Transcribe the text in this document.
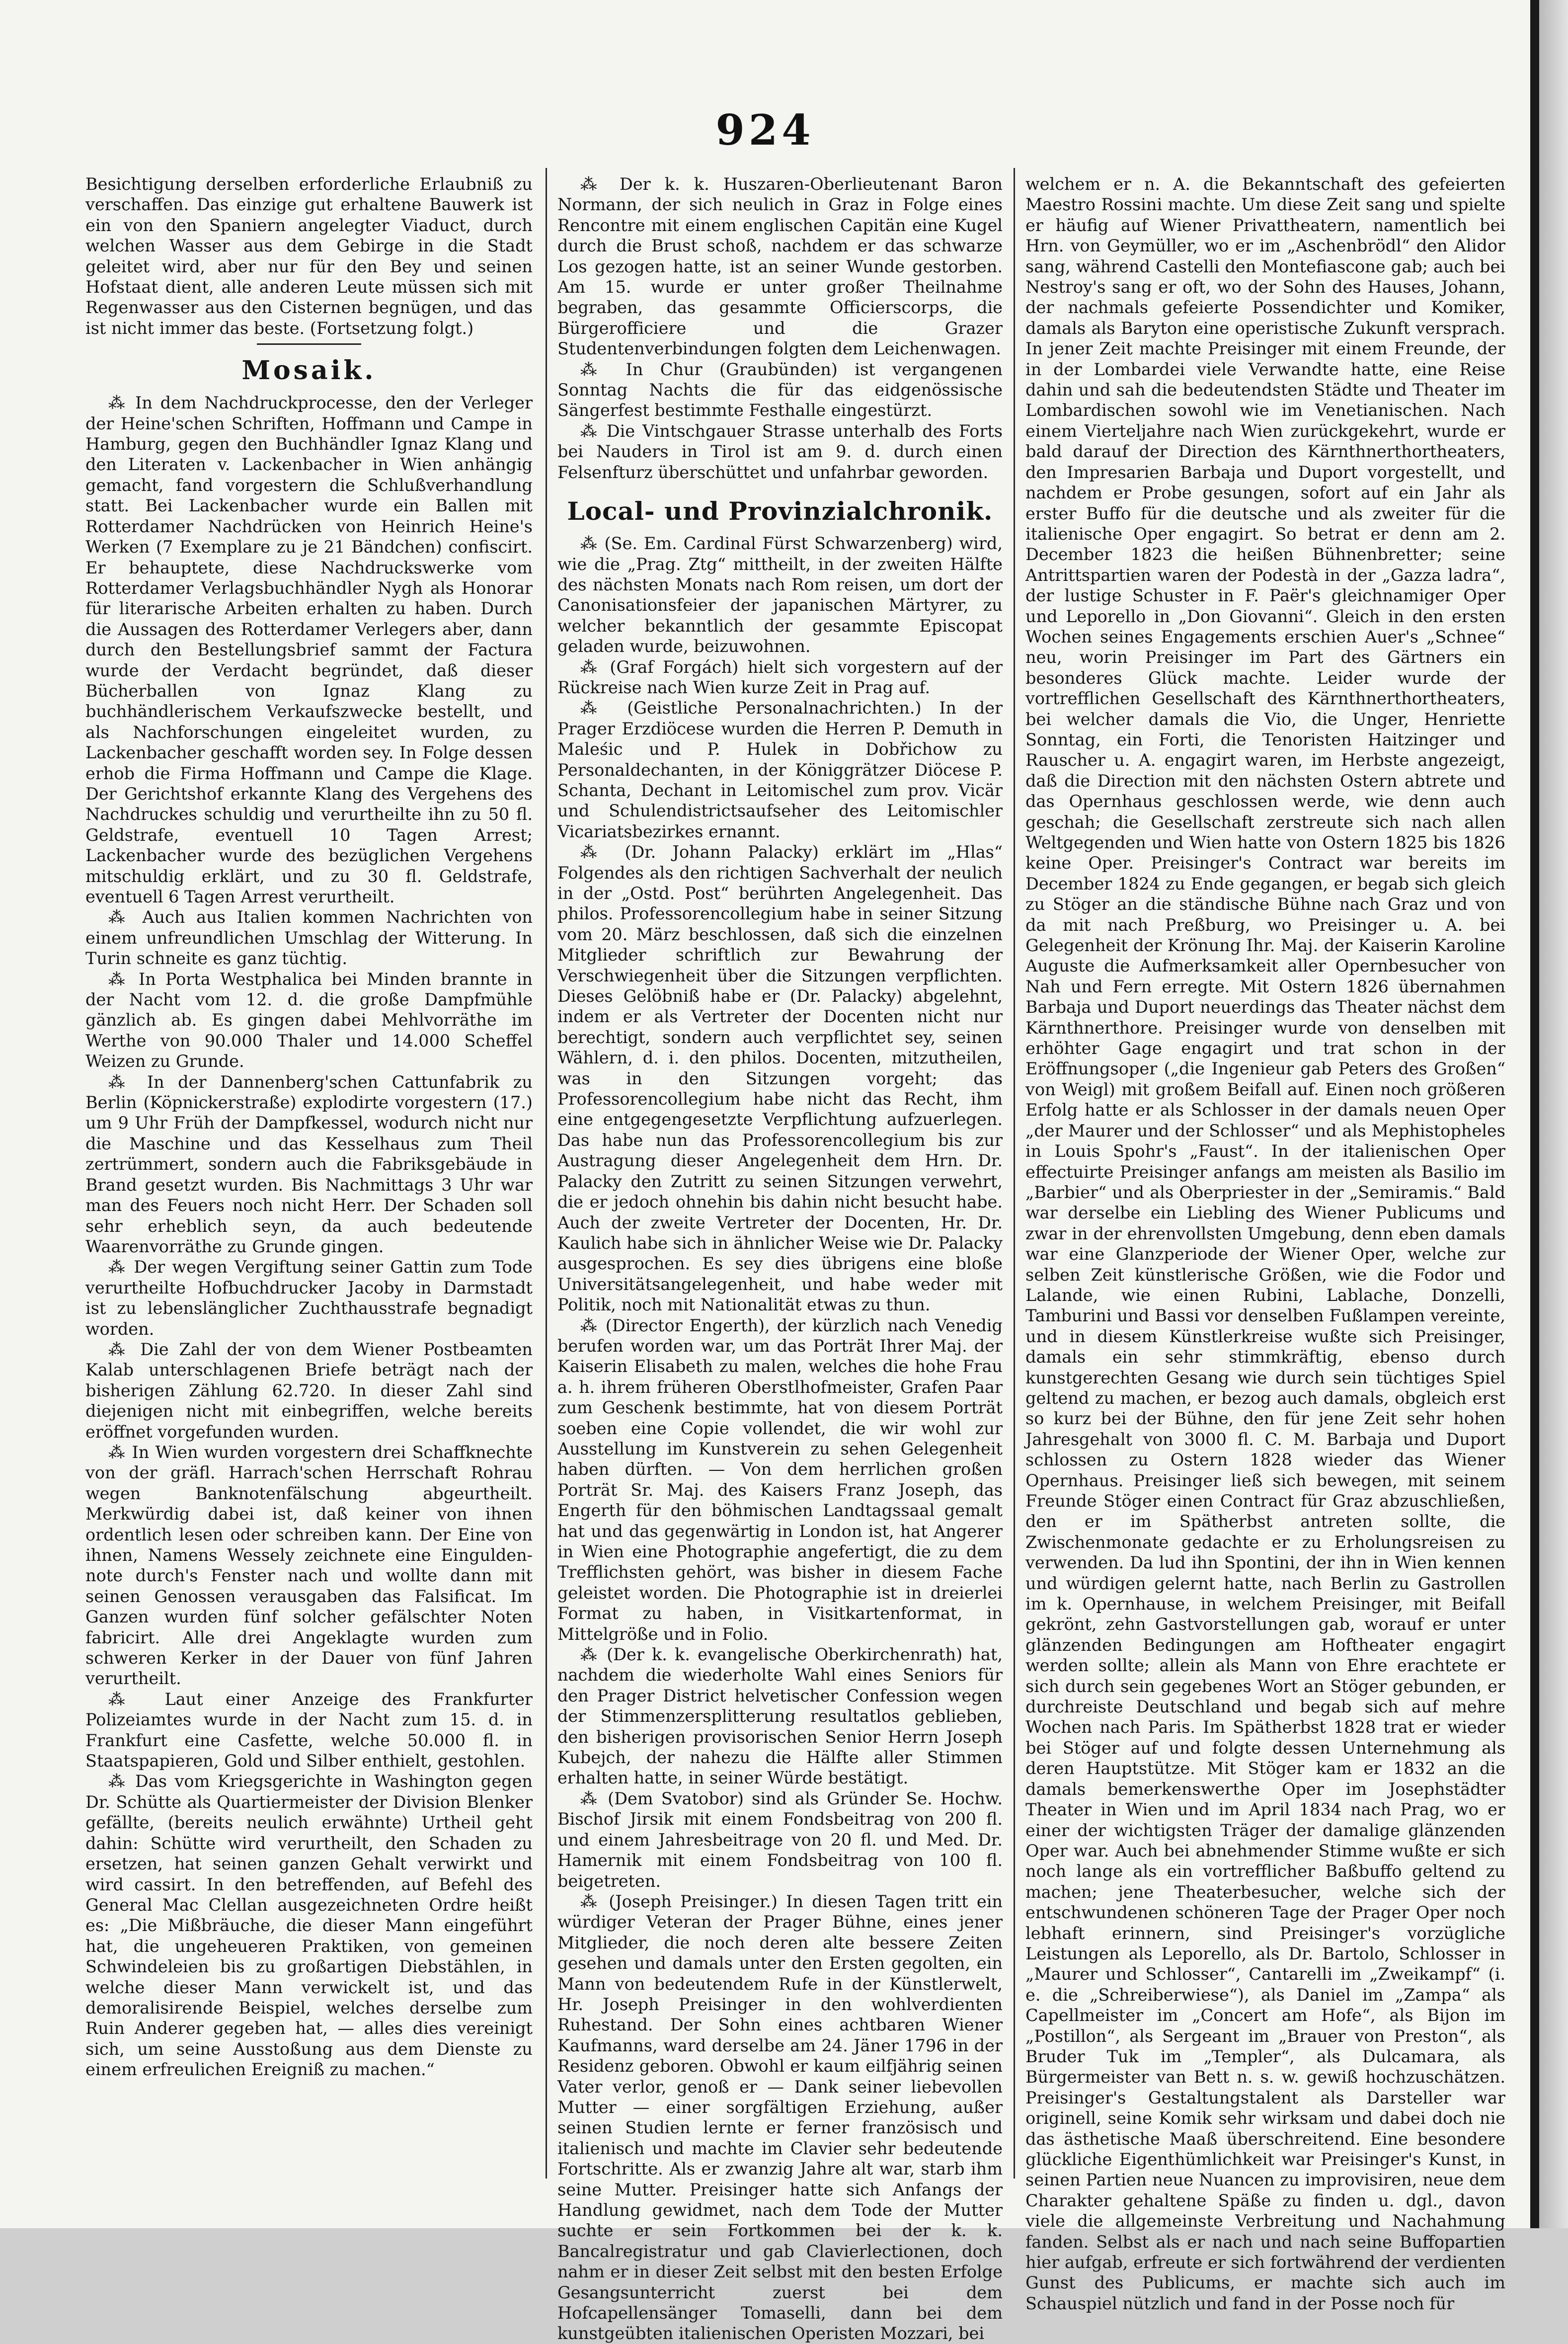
924

Besichtigung derselben erforderliche Erlaubniß zu verschaffen. Das einzige gut erhaltene Bauwerk ist ein von den Spaniern angelegter Viaduct, durch welchen Wasser aus dem Gebirge in die Stadt geleitet wird, aber nur für den Bey und seinen Hofstaat dient, alle anderen Leute müssen sich mit Regenwasser aus den Cisternen begnügen, und das ist nicht immer das beste. (Fortsetzung folgt.)

Mosaik.

⁂ In dem Nachdruckprocesse, den der Verleger der Heine'schen Schriften, Hoffmann und Campe in Hamburg, gegen den Buchhändler Ignaz Klang und den Literaten v. Lackenbacher in Wien anhängig gemacht, fand vorgestern die Schlußverhandlung statt. Bei Lackenbacher wurde ein Ballen mit Rotterdamer Nachdrücken von Heinrich Heine's Werken (7 Exemplare zu je 21 Bändchen) confiscirt. Er behauptete, diese Nachdruckswerke vom Rotterdamer Verlagsbuchhändler Nygh als Honorar für literarische Arbeiten erhalten zu haben. Durch die Aussagen des Rotterdamer Verlegers aber, dann durch den Bestellungsbrief sammt der Factura wurde der Verdacht begründet, daß dieser Bücherballen von Ignaz Klang zu buchhändlerischem Verkaufszwecke bestellt, und als Nachforschungen eingeleitet wurden, zu Lackenbacher geschafft worden sey. In Folge dessen erhob die Firma Hoffmann und Campe die Klage. Der Gerichtshof erkannte Klang des Vergehens des Nachdruckes schuldig und verurtheilte ihn zu 50 fl. Geldstrafe, eventuell 10 Tagen Arrest; Lackenbacher wurde des bezüglichen Vergehens mitschuldig erklärt, und zu 30 fl. Geldstrafe, eventuell 6 Tagen Arrest verurtheilt.

⁂ Auch aus Italien kommen Nachrichten von einem unfreundlichen Umschlag der Witterung. In Turin schneite es ganz tüchtig.

⁂ In Porta Westphalica bei Minden brannte in der Nacht vom 12. d. die große Dampfmühle gänzlich ab. Es gingen dabei Mehlvorräthe im Werthe von 90.000 Thaler und 14.000 Scheffel Weizen zu Grunde.

⁂ In der Dannenberg'schen Cattunfabrik zu Berlin (Köpnickerstraße) explodirte vorgestern (17.) um 9 Uhr Früh der Dampfkessel, wodurch nicht nur die Maschine und das Kesselhaus zum Theil zertrümmert, sondern auch die Fabriksgebäude in Brand gesetzt wurden. Bis Nachmittags 3 Uhr war man des Feuers noch nicht Herr. Der Schaden soll sehr erheblich seyn, da auch bedeutende Waarenvorräthe zu Grunde gingen.

⁂ Der wegen Vergiftung seiner Gattin zum Tode verurtheilte Hofbuchdrucker Jacoby in Darmstadt ist zu lebenslänglicher Zuchthausstrafe begnadigt worden.

⁂ Die Zahl der von dem Wiener Postbeamten Kalab unterschlagenen Briefe beträgt nach der bisherigen Zählung 62.720. In dieser Zahl sind diejenigen nicht mit einbegriffen, welche bereits eröffnet vorgefunden wurden.

⁂ In Wien wurden vorgestern drei Schaffknechte von der gräfl. Harrach'schen Herrschaft Rohrau wegen Banknotenfälschung abgeurtheilt. Merkwürdig dabei ist, daß keiner von ihnen ordentlich lesen oder schreiben kann. Der Eine von ihnen, Namens Wessely zeichnete eine Einguldennote durch's Fenster nach und wollte dann mit seinen Genossen verausgaben das Falsificat. Im Ganzen wurden fünf solcher gefälschter Noten fabricirt. Alle drei Angeklagte wurden zum schweren Kerker in der Dauer von fünf Jahren verurtheilt.

⁂ Laut einer Anzeige des Frankfurter Polizeiamtes wurde in der Nacht zum 15. d. in Frankfurt eine Casfette, welche 50.000 fl. in Staatspapieren, Gold und Silber enthielt, gestohlen.

⁂ Das vom Kriegsgerichte in Washington gegen Dr. Schütte als Quartiermeister der Division Blenker gefällte, (bereits neulich erwähnte) Urtheil geht dahin: Schütte wird verurtheilt, den Schaden zu ersetzen, hat seinen ganzen Gehalt verwirkt und wird cassirt. In den betreffenden, auf Befehl des General Mac Clellan ausgezeichneten Ordre heißt es: „Die Mißbräuche, die dieser Mann eingeführt hat, die ungeheueren Praktiken, von gemeinen Schwindeleien bis zu großartigen Diebstählen, in welche dieser Mann verwickelt ist, und das demoralisirende Beispiel, welches derselbe zum Ruin Anderer gegeben hat, — alles dies vereinigt sich, um seine Ausstoßung aus dem Dienste zu einem erfreulichen Ereigniß zu machen.“

⁂ Der k. k. Huszaren-Oberlieutenant Baron Normann, der sich neulich in Graz in Folge eines Rencontre mit einem englischen Capitän eine Kugel durch die Brust schoß, nachdem er das schwarze Los gezogen hatte, ist an seiner Wunde gestorben. Am 15. wurde er unter großer Theilnahme begraben, das gesammte Officierscorps, die Bürgerofficiere und die Grazer Studentenverbindungen folgten dem Leichenwagen.

⁂ In Chur (Graubünden) ist vergangenen Sonntag Nachts die für das eidgenössische Sängerfest bestimmte Festhalle eingestürzt.

⁂ Die Vintschgauer Strasse unterhalb des Forts bei Nauders in Tirol ist am 9. d. durch einen Felsenfturz überschüttet und unfahrbar geworden.

Local- und Provinzialchronik.

⁂ (Se. Em. Cardinal Fürst Schwarzenberg) wird, wie die „Prag. Ztg“ mittheilt, in der zweiten Hälfte des nächsten Monats nach Rom reisen, um dort der Canonisationsfeier der japanischen Märtyrer, zu welcher bekanntlich der gesammte Episcopat geladen wurde, beizuwohnen.

⁂ (Graf Forgách) hielt sich vorgestern auf der Rückreise nach Wien kurze Zeit in Prag auf.

⁂ (Geistliche Personalnachrichten.) In der Prager Erzdiöcese wurden die Herren P. Demuth in Maleśic und P. Hulek in Dobřichow zu Personaldechanten, in der Königgrätzer Diöcese P. Schanta, Dechant in Leitomischel zum prov. Vicär und Schulendistrictsaufseher des Leitomischler Vicariatsbezirkes ernannt.

⁂ (Dr. Johann Palacky) erklärt im „Hlas“ Folgendes als den richtigen Sachverhalt der neulich in der „Ostd. Post“ berührten Angelegenheit. Das philos. Professorencollegium habe in seiner Sitzung vom 20. März beschlossen, daß sich die einzelnen Mitglieder schriftlich zur Bewahrung der Verschwiegenheit über die Sitzungen verpflichten. Dieses Gelöbniß habe er (Dr. Palacky) abgelehnt, indem er als Vertreter der Docenten nicht nur berechtigt, sondern auch verpflichtet sey, seinen Wählern, d. i. den philos. Docenten, mitzutheilen, was in den Sitzungen vorgeht; das Professorencollegium habe nicht das Recht, ihm eine entgegengesetzte Verpflichtung aufzuerlegen. Das habe nun das Professorencollegium bis zur Austragung dieser Angelegenheit dem Hrn. Dr. Palacky den Zutritt zu seinen Sitzungen verwehrt, die er jedoch ohnehin bis dahin nicht besucht habe. Auch der zweite Vertreter der Docenten, Hr. Dr. Kaulich habe sich in ähnlicher Weise wie Dr. Palacky ausgesprochen. Es sey dies übrigens eine bloße Universitätsangelegenheit, und habe weder mit Politik, noch mit Nationalität etwas zu thun.

⁂ (Director Engerth), der kürzlich nach Venedig berufen worden war, um das Porträt Ihrer Maj. der Kaiserin Elisabeth zu malen, welches die hohe Frau a. h. ihrem früheren Oberstlhofmeister, Grafen Paar zum Geschenk bestimmte, hat von diesem Porträt soeben eine Copie vollendet, die wir wohl zur Ausstellung im Kunstverein zu sehen Gelegenheit haben dürften. — Von dem herrlichen großen Porträt Sr. Maj. des Kaisers Franz Joseph, das Engerth für den böhmischen Landtagssaal gemalt hat und das gegenwärtig in London ist, hat Angerer in Wien eine Photographie angefertigt, die zu dem Trefflichsten gehört, was bisher in diesem Fache geleistet worden. Die Photographie ist in dreierlei Format zu haben, in Visitkartenformat, in Mittelgröße und in Folio.

⁂ (Der k. k. evangelische Oberkirchenrath) hat, nachdem die wiederholte Wahl eines Seniors für den Prager District helvetischer Confession wegen der Stimmenzersplitterung resultatlos geblieben, den bisherigen provisorischen Senior Herrn Joseph Kubejch, der nahezu die Hälfte aller Stimmen erhalten hatte, in seiner Würde bestätigt.

⁂ (Dem Svatobor) sind als Gründer Se. Hochw. Bischof Jirsik mit einem Fondsbeitrag von 200 fl. und einem Jahresbeitrage von 20 fl. und Med. Dr. Hamernik mit einem Fondsbeitrag von 100 fl. beigetreten.

⁂ (Joseph Preisinger.) In diesen Tagen tritt ein würdiger Veteran der Prager Bühne, eines jener Mitglieder, die noch deren alte bessere Zeiten gesehen und damals unter den Ersten gegolten, ein Mann von bedeutendem Rufe in der Künstlerwelt, Hr. Joseph Preisinger in den wohlverdienten Ruhestand. Der Sohn eines achtbaren Wiener Kaufmanns, ward derselbe am 24. Jäner 1796 in der Residenz geboren. Obwohl er kaum eilfjährig seinen Vater verlor, genoß er — Dank seiner liebevollen Mutter — einer sorgfältigen Erziehung, außer seinen Studien lernte er ferner französisch und italienisch und machte im Clavier sehr bedeutende Fortschritte. Als er zwanzig Jahre alt war, starb ihm seine Mutter. Preisinger hatte sich Anfangs der Handlung gewidmet, nach dem Tode der Mutter suchte er sein Fortkommen bei der k. k. Bancalregistratur und gab Clavierlectionen, doch nahm er in dieser Zeit selbst mit den besten Erfolge Gesangsunterricht zuerst bei dem Hofcapellensänger Tomaselli, dann bei dem kunstgeübten italienischen Operisten Mozzari, bei

welchem er n. A. die Bekanntschaft des gefeierten Maestro Rossini machte. Um diese Zeit sang und spielte er häufig auf Wiener Privattheatern, namentlich bei Hrn. von Geymüller, wo er im „Aschenbrödl“ den Alidor sang, während Castelli den Montefiascone gab; auch bei Nestroy's sang er oft, wo der Sohn des Hauses, Johann, der nachmals gefeierte Possendichter und Komiker, damals als Baryton eine operistische Zukunft versprach. In jener Zeit machte Preisinger mit einem Freunde, der in der Lombardei viele Verwandte hatte, eine Reise dahin und sah die bedeutendsten Städte und Theater im Lombardischen sowohl wie im Venetianischen. Nach einem Vierteljahre nach Wien zurückgekehrt, wurde er bald darauf der Direction des Kärnthnerthortheaters, den Impresarien Barbaja und Duport vorgestellt, und nachdem er Probe gesungen, sofort auf ein Jahr als erster Buffo für die deutsche und als zweiter für die italienische Oper engagirt. So betrat er denn am 2. December 1823 die heißen Bühnenbretter; seine Antrittspartien waren der Podestà in der „Gazza ladra“, der lustige Schuster in F. Paër's gleichnamiger Oper und Leporello in „Don Giovanni“. Gleich in den ersten Wochen seines Engagements erschien Auer's „Schnee“ neu, worin Preisinger im Part des Gärtners ein besonderes Glück machte. Leider wurde der vortrefflichen Gesellschaft des Kärnthnerthortheaters, bei welcher damals die Vio, die Unger, Henriette Sonntag, ein Forti, die Tenoristen Haitzinger und Rauscher u. A. engagirt waren, im Herbste angezeigt, daß die Direction mit den nächsten Ostern abtrete und das Opernhaus geschlossen werde, wie denn auch geschah; die Gesellschaft zerstreute sich nach allen Weltgegenden und Wien hatte von Ostern 1825 bis 1826 keine Oper. Preisinger's Contract war bereits im December 1824 zu Ende gegangen, er begab sich gleich zu Stöger an die ständische Bühne nach Graz und von da mit nach Preßburg, wo Preisinger u. A. bei Gelegenheit der Krönung Ihr. Maj. der Kaiserin Karoline Auguste die Aufmerksamkeit aller Opernbesucher von Nah und Fern erregte. Mit Ostern 1826 übernahmen Barbaja und Duport neuerdings das Theater nächst dem Kärnthnerthore. Preisinger wurde von denselben mit erhöhter Gage engagirt und trat schon in der Eröffnungsoper („die Ingenieur gab Peters des Großen“ von Weigl) mit großem Beifall auf. Einen noch größeren Erfolg hatte er als Schlosser in der damals neuen Oper „der Maurer und der Schlosser“ und als Mephistopheles in Louis Spohr's „Faust“. In der italienischen Oper effectuirte Preisinger anfangs am meisten als Basilio im „Barbier“ und als Oberpriester in der „Semiramis.“ Bald war derselbe ein Liebling des Wiener Publicums und zwar in der ehrenvollsten Umgebung, denn eben damals war eine Glanzperiode der Wiener Oper, welche zur selben Zeit künstlerische Größen, wie die Fodor und Lalande, wie einen Rubini, Lablache, Donzelli, Tamburini und Bassi vor denselben Fußlampen vereinte, und in diesem Künstlerkreise wußte sich Preisinger, damals ein sehr stimmkräftig, ebenso durch kunstgerechten Gesang wie durch sein tüchtiges Spiel geltend zu machen, er bezog auch damals, obgleich erst so kurz bei der Bühne, den für jene Zeit sehr hohen Jahresgehalt von 3000 fl. C. M. Barbaja und Duport schlossen zu Ostern 1828 wieder das Wiener Opernhaus. Preisinger ließ sich bewegen, mit seinem Freunde Stöger einen Contract für Graz abzuschließen, den er im Spätherbst antreten sollte, die Zwischenmonate gedachte er zu Erholungsreisen zu verwenden. Da lud ihn Spontini, der ihn in Wien kennen und würdigen gelernt hatte, nach Berlin zu Gastrollen im k. Opernhause, in welchem Preisinger, mit Beifall gekrönt, zehn Gastvorstellungen gab, worauf er unter glänzenden Bedingungen am Hoftheater engagirt werden sollte; allein als Mann von Ehre erachtete er sich durch sein gegebenes Wort an Stöger gebunden, er durchreiste Deutschland und begab sich auf mehre Wochen nach Paris. Im Spätherbst 1828 trat er wieder bei Stöger auf und folgte dessen Unternehmung als deren Hauptstütze. Mit Stöger kam er 1832 an die damals bemerkenswerthe Oper im Josephstädter Theater in Wien und im April 1834 nach Prag, wo er einer der wichtigsten Träger der damalige glänzenden Oper war. Auch bei abnehmender Stimme wußte er sich noch lange als ein vortrefflicher Baßbuffo geltend zu machen; jene Theaterbesucher, welche sich der entschwundenen schöneren Tage der Prager Oper noch lebhaft erinnern, sind Preisinger's vorzügliche Leistungen als Leporello, als Dr. Bartolo, Schlosser in „Maurer und Schlosser“, Cantarelli im „Zweikampf“ (i. e. die „Schreiberwiese“), als Daniel im „Zampa“ als Capellmeister im „Concert am Hofe“, als Bijon im „Postillon“, als Sergeant im „Brauer von Preston“, als Bruder Tuk im „Templer“, als Dulcamara, als Bürgermeister van Bett n. s. w. gewiß hochzuschätzen. Preisinger's Gestaltungstalent als Darsteller war originell, seine Komik sehr wirksam und dabei doch nie das ästhetische Maaß überschreitend. Eine besondere glückliche Eigenthümlichkeit war Preisinger's Kunst, in seinen Partien neue Nuancen zu improvisiren, neue dem Charakter gehaltene Späße zu finden u. dgl., davon viele die allgemeinste Verbreitung und Nachahmung fanden. Selbst als er nach und nach seine Buffopartien hier aufgab, erfreute er sich fortwährend der verdienten Gunst des Publicums, er machte sich auch im Schauspiel nützlich und fand in der Posse noch für
